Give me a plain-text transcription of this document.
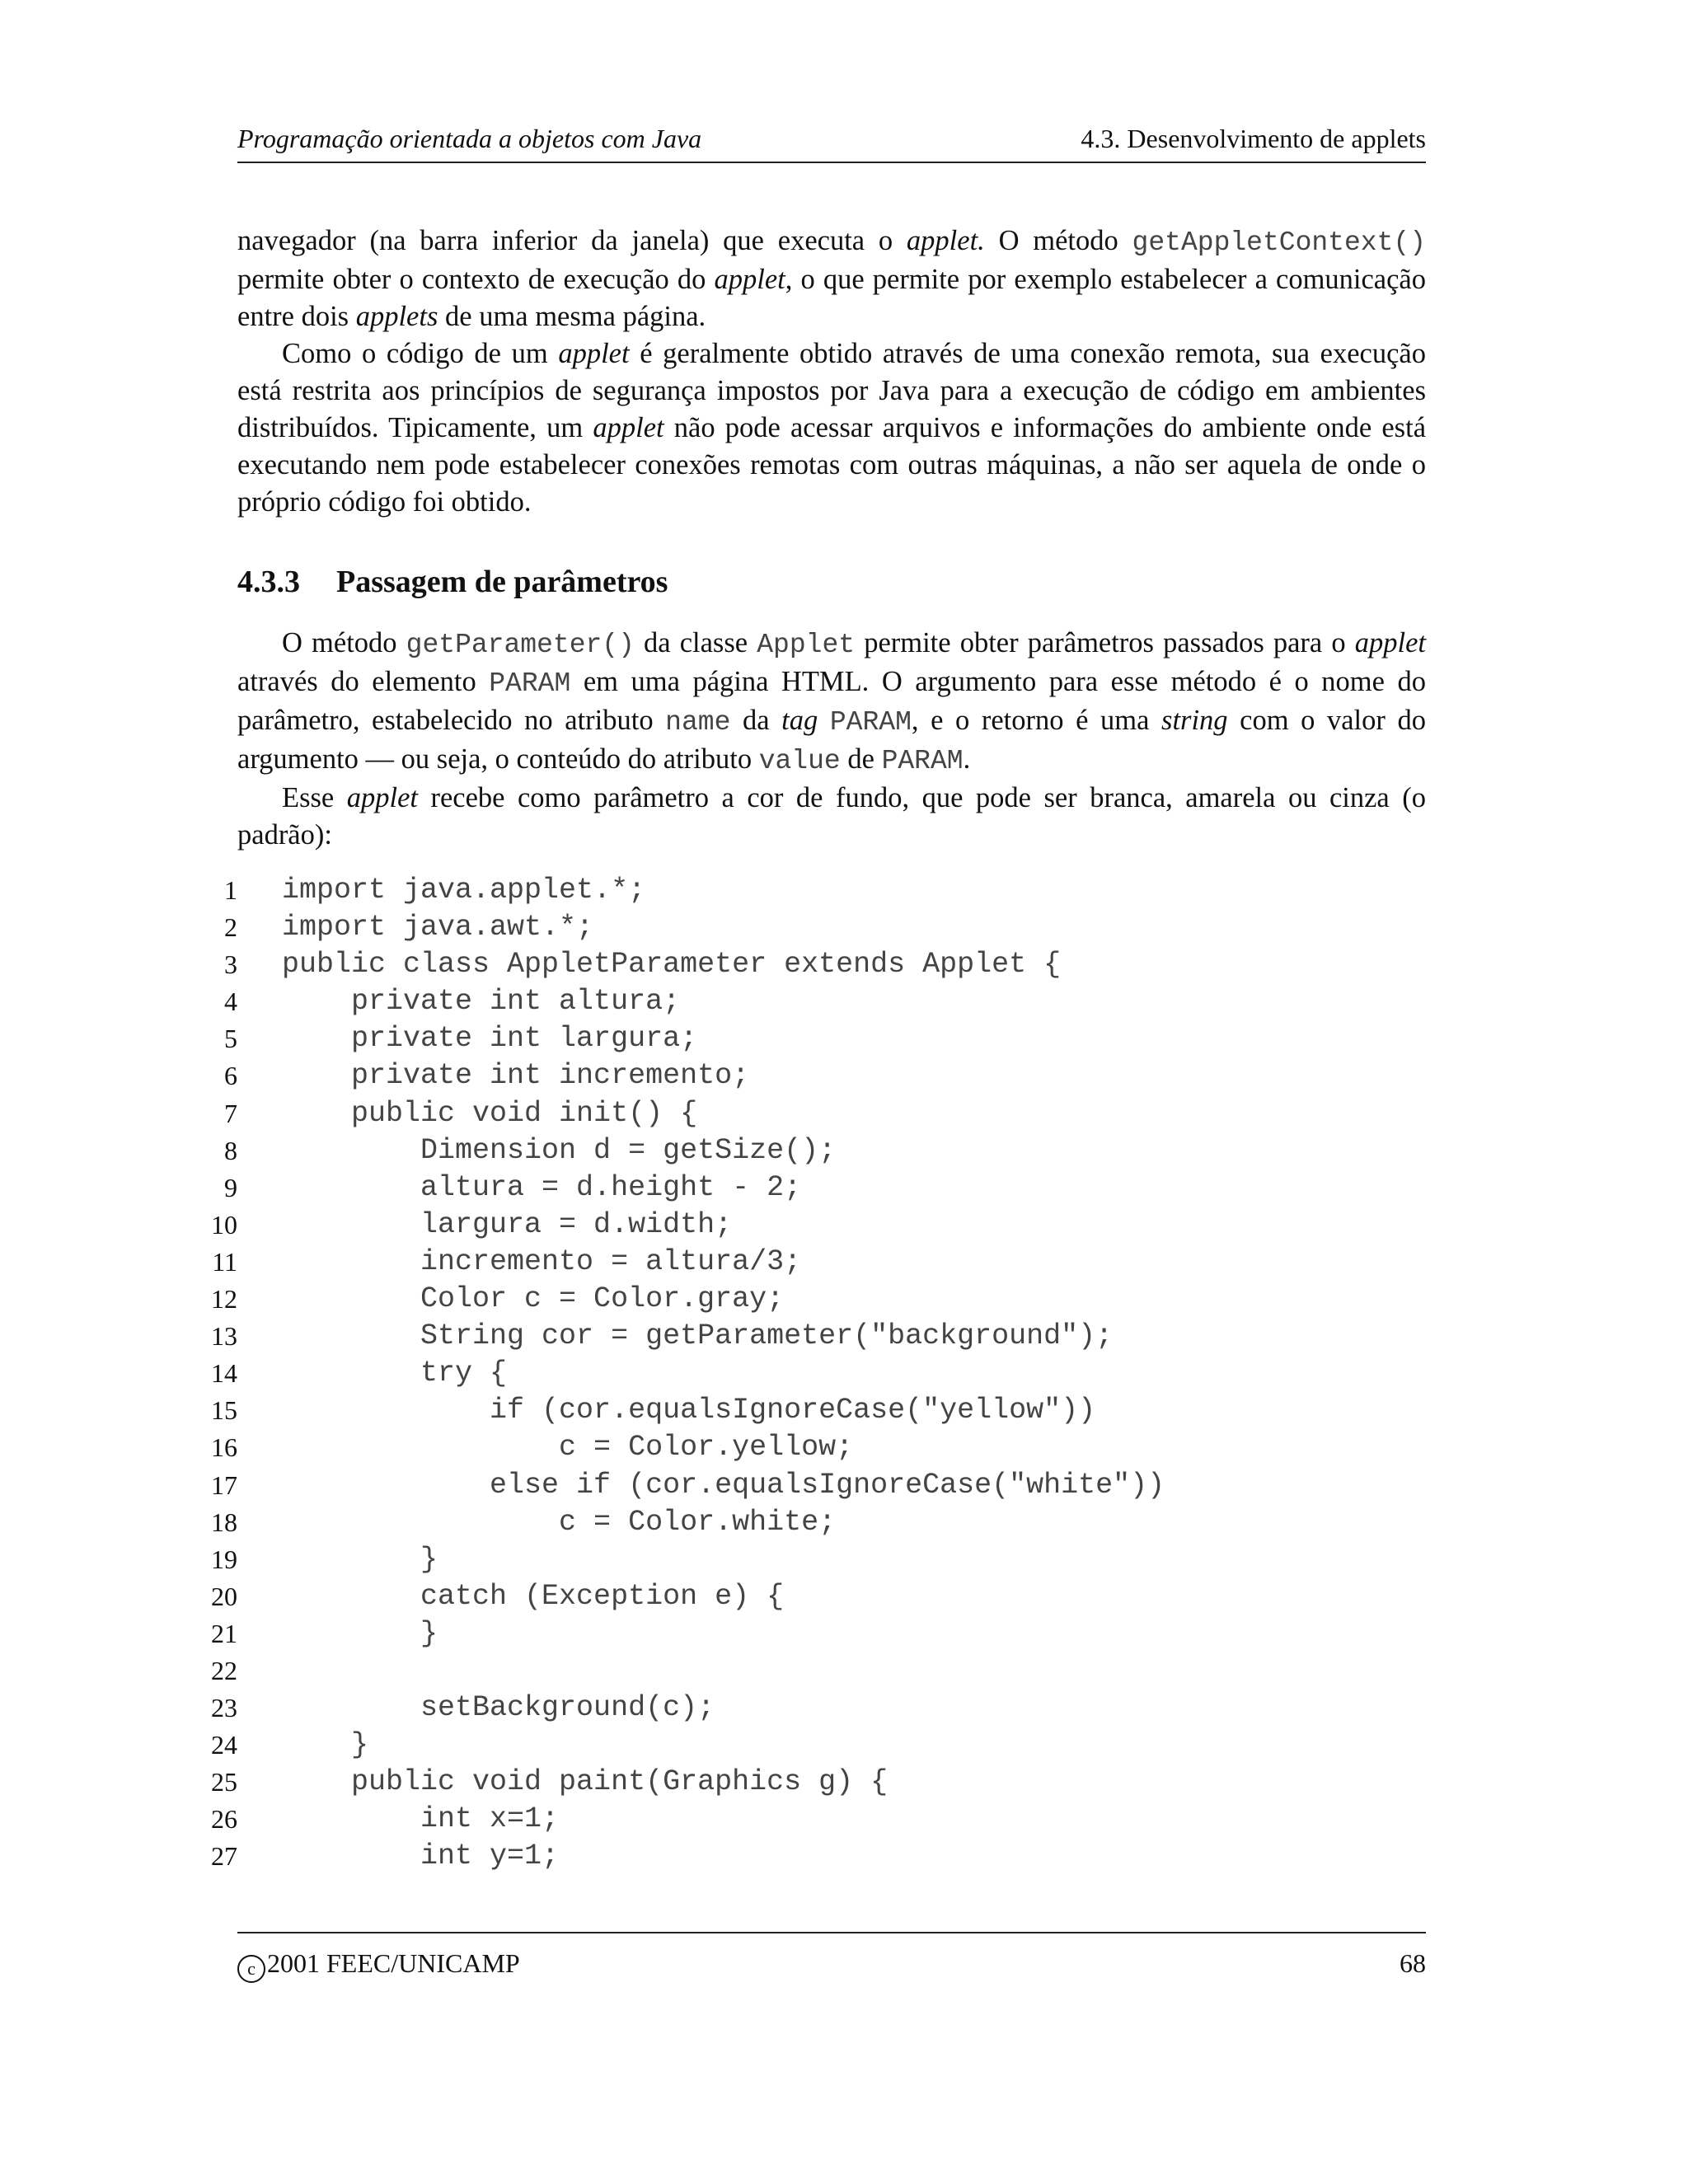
Programação orientada a objetos com Java	4.3. Desenvolvimento de applets

navegador (na barra inferior da janela) que executa o applet. O método getAppletContext() permite obter o contexto de execução do applet, o que permite por exemplo estabelecer a comunicação entre dois applets de uma mesma página.

Como o código de um applet é geralmente obtido através de uma conexão remota, sua execução está restrita aos princípios de segurança impostos por Java para a execução de código em ambientes distribuídos. Tipicamente, um applet não pode acessar arquivos e informações do ambiente onde está executando nem pode estabelecer conexões remotas com outras máquinas, a não ser aquela de onde o próprio código foi obtido.

4.3.3 Passagem de parâmetros

O método getParameter() da classe Applet permite obter parâmetros passados para o applet através do elemento PARAM em uma página HTML. O argumento para esse método é o nome do parâmetro, estabelecido no atributo name da tag PARAM, e o retorno é uma string com o valor do argumento — ou seja, o conteúdo do atributo value de PARAM.

Esse applet recebe como parâmetro a cor de fundo, que pode ser branca, amarela ou cinza (o padrão):

1 import java.applet.*;
2 import java.awt.*;
3 public class AppletParameter extends Applet {
4 private int altura;
5 private int largura;
6 private int incremento;
7 public void init() {
8 Dimension d = getSize();
9 altura = d.height - 2;
10 largura = d.width;
11 incremento = altura/3;
12 Color c = Color.gray;
13 String cor = getParameter("background");
14 try {
15 if (cor.equalsIgnoreCase("yellow"))
16 c = Color.yellow;
17 else if (cor.equalsIgnoreCase("white"))
18 c = Color.white;
19 }
20 catch (Exception e) {
21 }
22
23 setBackground(c);
24 }
25 public void paint(Graphics g) {
26 int x=1;
27 int y=1;
c 2001 FEEC/UNICAMP	68
